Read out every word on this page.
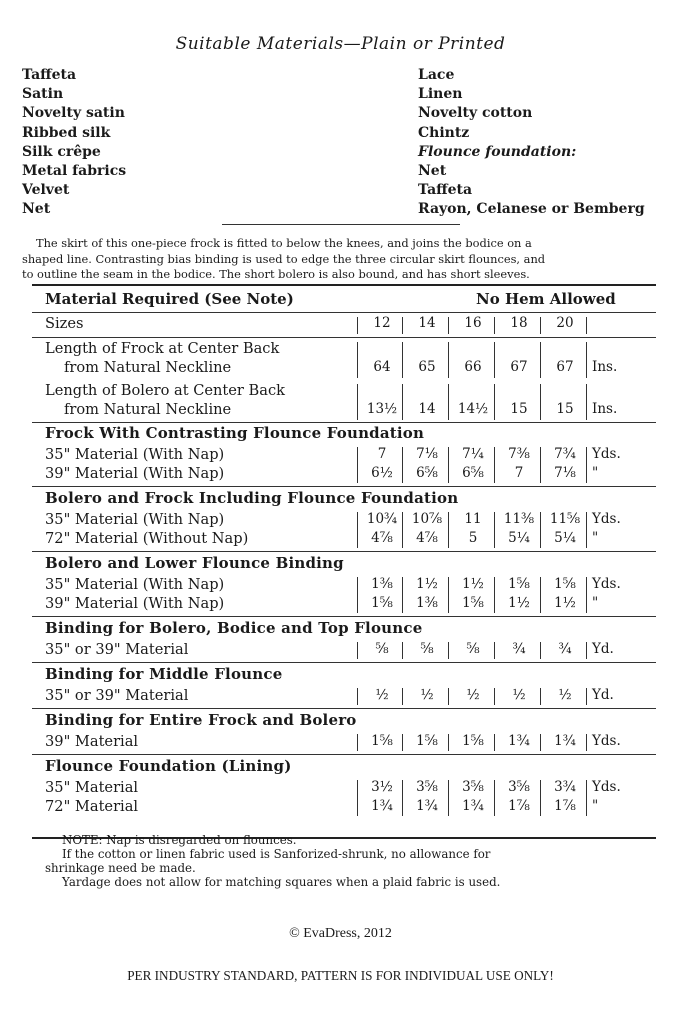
Suitable Materials—Plain or Printed
Taffeta
Satin
Novelty satin
Ribbed silk
Silk crêpe
Metal fabrics
Velvet
Net
Lace
Linen
Novelty cotton
Chintz
Flounce foundation:
Net
Taffeta
Rayon, Celanese or Bemberg
The skirt of this one-piece frock is fitted to below the knees, and joins the bodice on a
shaped line. Contrasting bias binding is used to edge the three circular skirt flounces, and
to outline the seam in the bodice. The short bolero is also bound, and has short sleeves.
Material Required (See Note)	No Hem Allowed
Sizes	12	14	16	18	20
Length of Frock at Center Back
from Natural Neckline	64	65	66	67	67	Ins.
Length of Bolero at Center Back
from Natural Neckline	13½	14	14½	15	15	Ins.
Frock With Contrasting Flounce Foundation
35" Material (With Nap)	7	7⅛	7¼	7⅜	7¾	Yds.
39" Material (With Nap)	6½	6⅝	6⅝	7	7⅛	"
Bolero and Frock Including Flounce Foundation
35" Material (With Nap)	10¾	10⅞	11	11⅜	11⅝ Yds.
72" Material (Without Nap)	4⅞	4⅞	5	5¼	5¼	"
Bolero and Lower Flounce Binding
35" Material (With Nap)	1⅜	1½	1½	1⅝	1⅝	Yds.
39" Material (With Nap)	1⅝	1⅜	1⅝	1½	1½	"
Binding for Bolero, Bodice and Top Flounce
35" or 39" Material	⅝	⅝	⅝	¾	¾	Yd.
Binding for Middle Flounce
35" or 39" Material	½	½	½	½	½	Yd.
Binding for Entire Frock and Bolero
39" Material	1⅝	1⅝	1⅝	1¾	1¾	Yds.
Flounce Foundation (Lining)
35" Material	3½	3⅝	3⅝	3⅝	3¾	Yds.
72" Material	1¾	1¾	1¾	1⅞	1⅞	"
NOTE: Nap is disregarded on flounces.
If the cotton or linen fabric used is Sanforized-shrunk, no allowance for
shrinkage need be made.
Yardage does not allow for matching squares when a plaid fabric is used.
© EvaDress, 2012
PER INDUSTRY STANDARD, PATTERN IS FOR INDIVIDUAL USE ONLY!
